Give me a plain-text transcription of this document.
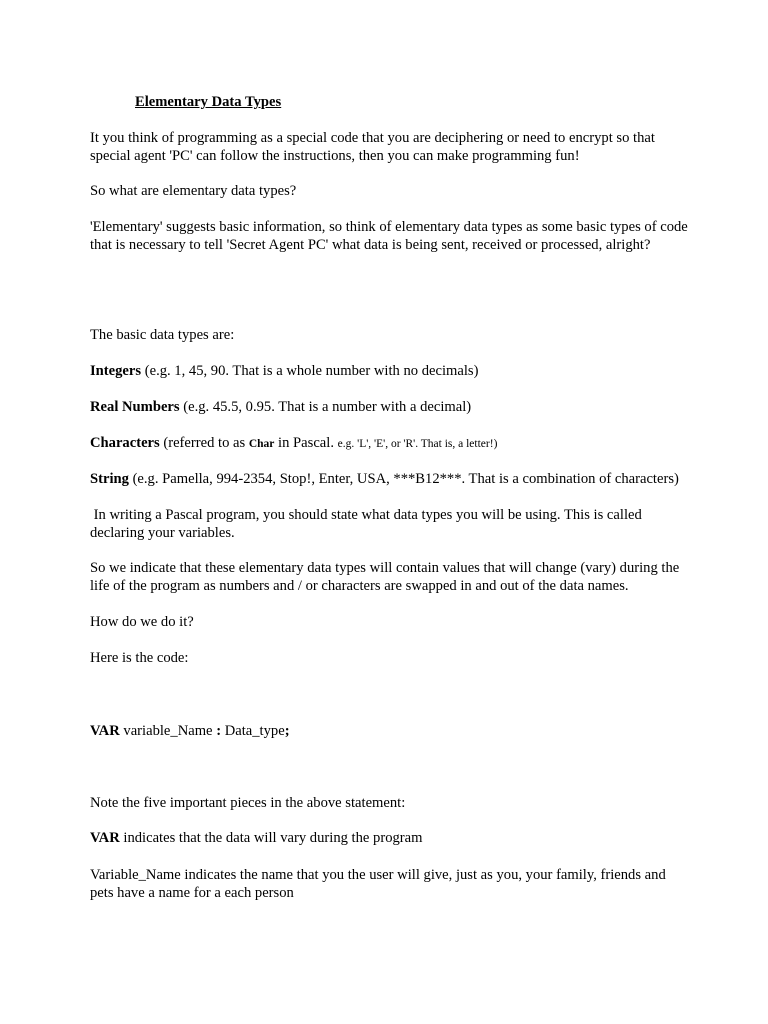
Elementary Data Types

It you think of programming as a special code that you are deciphering or need to encrypt so that special agent 'PC' can follow the instructions, then you can make programming fun!

So what are elementary data types?

'Elementary' suggests basic information, so think of elementary data types as some basic types of code that is necessary to tell 'Secret Agent PC' what data is being sent, received or processed, alright?

The basic data types are:

Integers (e.g. 1, 45, 90. That is a whole number with no decimals)

Real Numbers (e.g. 45.5, 0.95. That is a number with a decimal)

Characters (referred to as Char in Pascal. e.g. 'L', 'E', or 'R'. That is, a letter!)

String (e.g. Pamella, 994-2354, Stop!, Enter, USA, ***B12***. That is a combination of characters)

In writing a Pascal program, you should state what data types you will be using. This is called declaring your variables.

So we indicate that these elementary data types will contain values that will change (vary) during the life of the program as numbers and / or characters are swapped in and out of the data names.

How do we do it?

Here is the code:

VAR variable_Name : Data_type;

Note the five important pieces in the above statement:

VAR indicates that the data will vary during the program

Variable_Name indicates the name that you the user will give, just as you, your family, friends and pets have a name for a each person
